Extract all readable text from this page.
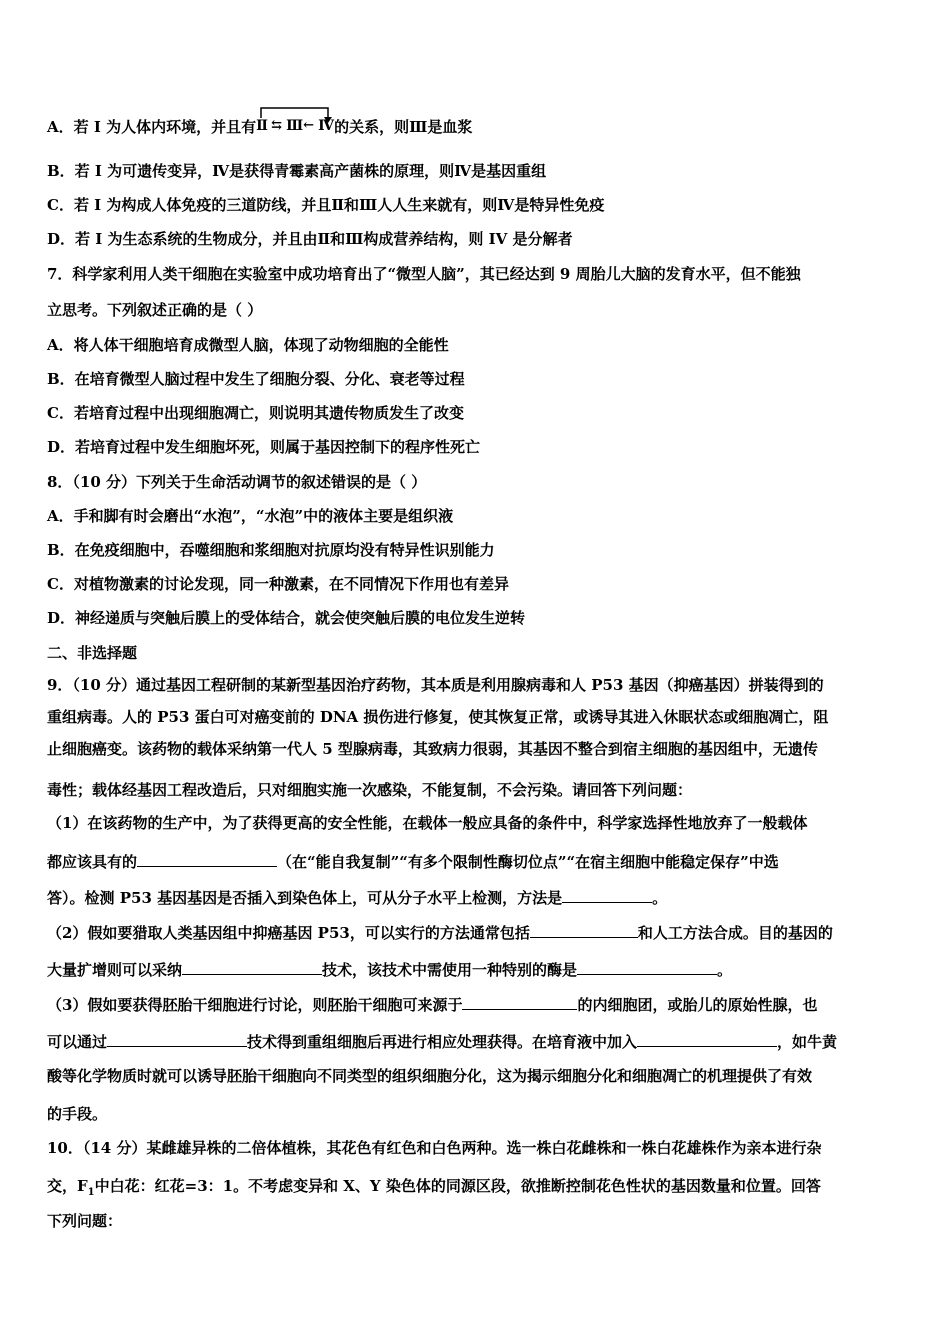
A．若 I 为人体内环境，并且有 Ⅱ ⇆ Ⅲ ← Ⅳ 的关系，则Ⅲ是血浆
B．若 I 为可遗传变异，Ⅳ是获得青霉素高产菌株的原理，则Ⅳ是基因重组
C．若 I 为构成人体免疫的三道防线，并且Ⅱ和Ⅲ人人生来就有，则Ⅳ是特异性免疫
D．若 I 为生态系统的生物成分，并且由Ⅱ和Ⅲ构成营养结构，则 IV 是分解者
7．科学家利用人类干细胞在实验室中成功培育出了“微型人脑”，其已经达到 9 周胎儿大脑的发育水平，但不能独
立思考。下列叙述正确的是（ ）
A．将人体干细胞培育成微型人脑，体现了动物细胞的全能性
B．在培育微型人脑过程中发生了细胞分裂、分化、衰老等过程
C．若培育过程中出现细胞凋亡，则说明其遗传物质发生了改变
D．若培育过程中发生细胞坏死，则属于基因控制下的程序性死亡
8．（10 分）下列关于生命活动调节的叙述错误的是（ ）
A．手和脚有时会磨出“水泡”，“水泡”中的液体主要是组织液
B．在免疫细胞中，吞噬细胞和浆细胞对抗原均没有特异性识别能力
C．对植物激素的讨论发现，同一种激素，在不同情况下作用也有差异
D．神经递质与突触后膜上的受体结合，就会使突触后膜的电位发生逆转
二、非选择题
9．（10 分）通过基因工程研制的某新型基因治疗药物，其本质是利用腺病毒和人 P53 基因（抑癌基因）拼装得到的
重组病毒。人的 P53 蛋白可对癌变前的 DNA 损伤进行修复，使其恢复正常，或诱导其进入休眠状态或细胞凋亡，阻
止细胞癌变。该药物的载体采纳第一代人 5 型腺病毒，其致病力很弱，其基因不整合到宿主细胞的基因组中，无遗传
毒性；载体经基因工程改造后，只对细胞实施一次感染，不能复制，不会污染。请回答下列问题：
（1）在该药物的生产中，为了获得更高的安全性能，在载体一般应具备的条件中，科学家选择性地放弃了一般载体
都应该具有的	（在“能自我复制”“有多个限制性酶切位点”“在宿主细胞中能稳定保存”中选
答）。检测 P53 基因基因是否插入到染色体上，可从分子水平上检测，方法是	。
（2）假如要猎取人类基因组中抑癌基因 P53，可以实行的方法通常包括	和人工方法合成。目的基因的
大量扩增则可以采纳	技术，该技术中需使用一种特别的酶是	。
（3）假如要获得胚胎干细胞进行讨论，则胚胎干细胞可来源于	的内细胞团，或胎儿的原始性腺，也
可以通过	技术得到重组细胞后再进行相应处理获得。在培育液中加入	，如牛黄
酸等化学物质时就可以诱导胚胎干细胞向不同类型的组织细胞分化，这为揭示细胞分化和细胞凋亡的机理提供了有效
的手段。
10．（14 分）某雌雄异株的二倍体植株，其花色有红色和白色两种。选一株白花雌株和一株白花雄株作为亲本进行杂
交，$F_1$中白花：红花=3：1。不考虑变异和 X、Y 染色体的同源区段，欲推断控制花色性状的基因数量和位置。回答
下列问题：
